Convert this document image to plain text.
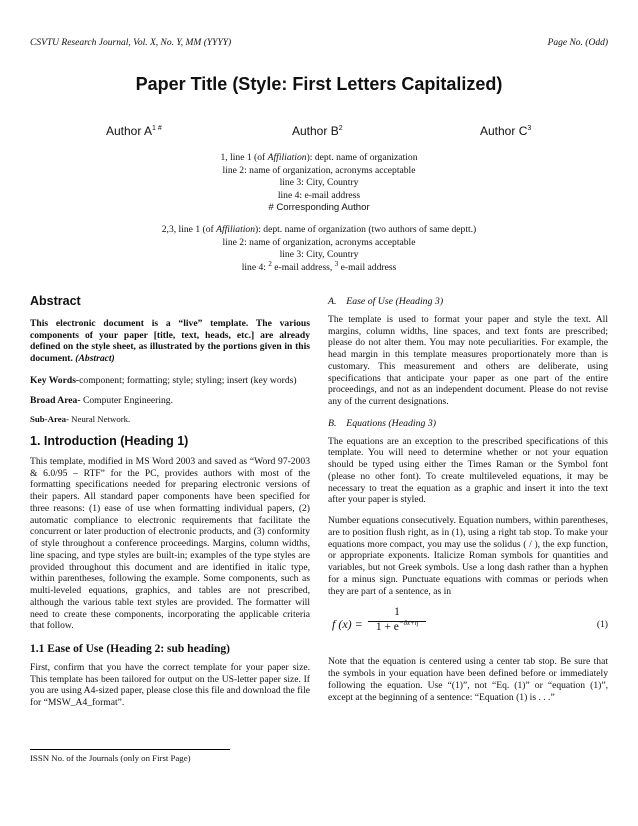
CSVTU Research Journal, Vol. X, No. Y, MM (YYYY)	Page No. (Odd)
Paper Title (Style: First Letters Capitalized)
Author $A^{1 \#}$	Author $B^2$	Author $C^3$
1, line 1 (of Affiliation): dept. name of organization
line 2: name of organization, acronyms acceptable
line 3: City, Country
line 4: e-mail address
# Corresponding Author
2,3, line 1 (of Affiliation): dept. name of organization (two authors of same deptt.)
line 2: name of organization, acronyms acceptable
line 3: City, Country
line 4: $^2$ e-mail address, $^3$ e-mail address
Abstract

This electronic document is a “live” template. The various components of your paper [title, text, heads, etc.] are already defined on the style sheet, as illustrated by the portions given in this document. (Abstract)

Key Words-component; formatting; style; styling; insert (key words)

Broad Area- Computer Engineering.

Sub-Area- Neural Network.

1. Introduction (Heading 1)

This template, modified in MS Word 2003 and saved as “Word 97-2003 & 6.0/95 – RTF” for the PC, provides authors with most of the formatting specifications needed for preparing electronic versions of their papers. All standard paper components have been specified for three reasons: (1) ease of use when formatting individual papers, (2) automatic compliance to electronic requirements that facilitate the concurrent or later production of electronic products, and (3) conformity of style throughout a conference proceedings. Margins, column widths, line spacing, and type styles are built-in; examples of the type styles are provided throughout this document and are identified in italic type, within parentheses, following the example. Some components, such as multi-leveled equations, graphics, and tables are not prescribed, although the various table text styles are provided. The formatter will need to create these components, incorporating the applicable criteria that follow.

1.1 Ease of Use (Heading 2: sub heading)

First, confirm that you have the correct template for your paper size. This template has been tailored for output on the US-letter paper size. If you are using A4-sized paper, please close this file and download the file for “MSW_A4_format”.

ISSN No. of the Journals (only on First Page)
A.    Ease of Use (Heading 3)

The template is used to format your paper and style the text. All margins, column widths, line spaces, and text fonts are prescribed; please do not alter them. You may note peculiarities. For example, the head margin in this template measures proportionately more than is customary. This measurement and others are deliberate, using specifications that anticipate your paper as one part of the entire proceedings, and not as an independent document. Please do not revise any of the current designations.

B.    Equations (Heading 3)

The equations are an exception to the prescribed specifications of this template. You will need to determine whether or not your equation should be typed using either the Times Raman or the Symbol font (please no other font). To create multileveled equations, it may be necessary to treat the equation as a graphic and insert it into the text after your paper is styled.

Number equations consecutively. Equation numbers, within parentheses, are to position flush right, as in (1), using a right tab stop. To make your equations more compact, you may use the solidus ( / ), the exp function, or appropriate exponents. Italicize Roman symbols for quantities and variables, but not Greek symbols. Use a long dash rather than a hyphen for a minus sign. Punctuate equations with commas or periods when they are part of a sentence, as in

f $(x) = \frac{1}{1 + e^{-\delta x+\eta}}$	(1)

Note that the equation is centered using a center tab stop. Be sure that the symbols in your equation have been defined before or immediately following the equation. Use “(1)”, not “Eq. (1)” or “equation (1)”, except at the beginning of a sentence: “Equation (1) is . . .”
